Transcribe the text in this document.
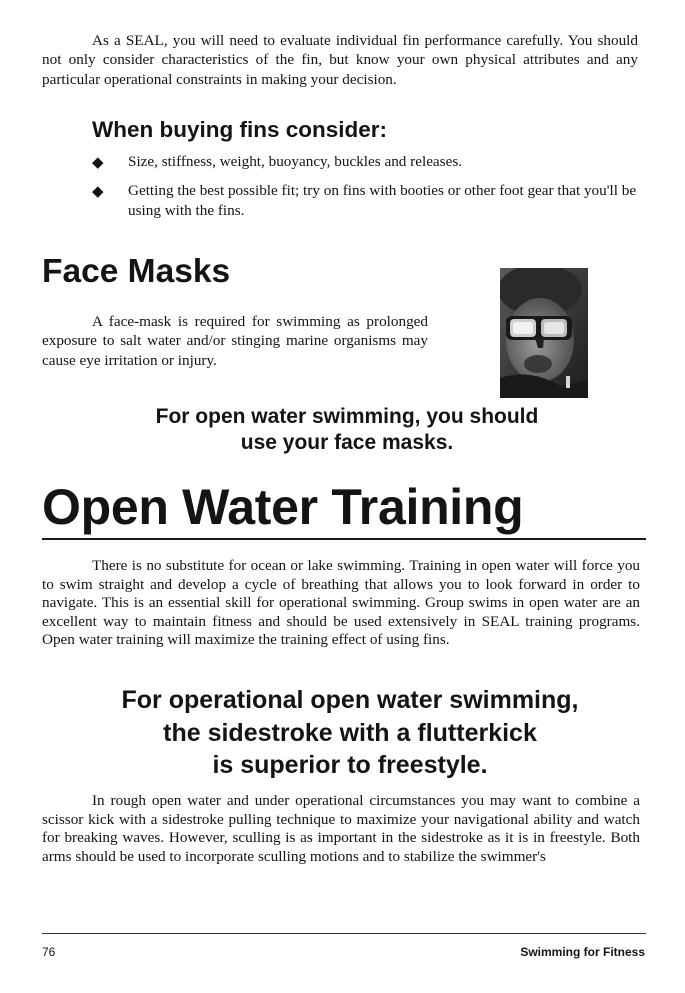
As a SEAL, you will need to evaluate individual fin performance carefully. You should not only consider characteristics of the fin, but know your own physical attributes and any particular operational constraints in making your decision.
When buying fins consider:
◆ Size, stiffness, weight, buoyancy, buckles and releases.
◆ Getting the best possible fit; try on fins with booties or other foot gear that you'll be using with the fins.
Face Masks
A face-mask is required for swimming as prolonged exposure to salt water and/or stinging marine organisms may cause eye irritation or injury.
For open water swimming, you should use your face masks.
Open Water Training
There is no substitute for ocean or lake swimming. Training in open water will force you to swim straight and develop a cycle of breathing that allows you to look forward in order to navigate. This is an essential skill for operational swimming. Group swims in open water are an excellent way to maintain fitness and should be used extensively in SEAL training programs. Open water training will maximize the training effect of using fins.
For operational open water swimming,
the sidestroke with a flutterkick
is superior to freestyle.
In rough open water and under operational circumstances you may want to combine a scissor kick with a sidestroke pulling technique to maximize your navigational ability and watch for breaking waves. However, sculling is as important in the sidestroke as it is in freestyle. Both arms should be used to incorporate sculling motions and to stabilize the swimmer's
76	Swimming for Fitness
